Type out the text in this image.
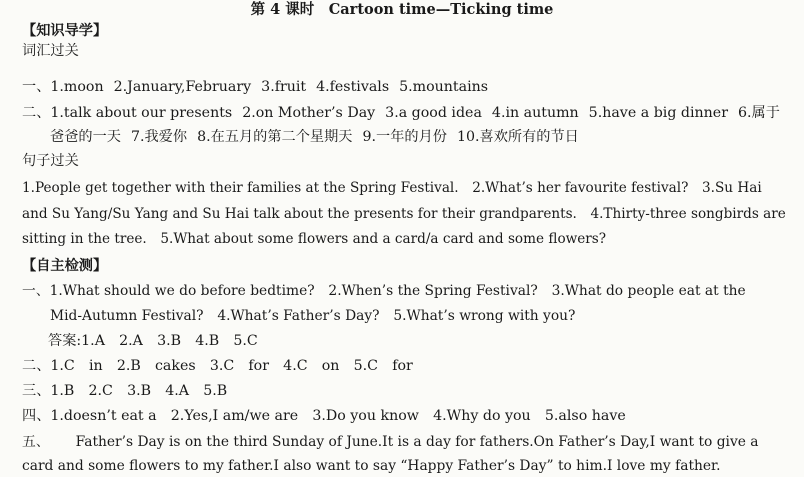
第 4 课时　Cartoon time—Ticking time
【知识导学】
词汇过关
一、1.moon 2.January,February 3.fruit 4.festivals 5.mountains
二、1.talk about our presents 2.on Mother’s Day 3.a good idea 4.in autumn 5.have a big dinner 6.属于
爸爸的一天 7.我爱你 8.在五月的第二个星期天 9.一年的月份 10.喜欢所有的节日
句子过关
1.People get together with their families at the Spring Festival.　2.What’s her favourite festival?　3.Su Hai
and Su Yang/Su Yang and Su Hai talk about the presents for their grandparents.　4.Thirty-three songbirds are
sitting in the tree.　5.What about some flowers and a card/a card and some flowers?
【自主检测】
一、1.What should we do before bedtime?　2.When’s the Spring Festival?　3.What do people eat at the
Mid-Autumn Festival?　4.What’s Father’s Day?　5.What’s wrong with you?
答案:1.A　2.A　3.B　4.B　5.C
二、1.C　in　2.B　cakes　3.C　for　4.C　on　5.C　for
三、1.B　2.C　3.B　4.A　5.B
四、1.doesn’t eat a　2.Yes,I am/we are　3.Do you know　4.Why do you　5.also have
五、 Father’s Day is on the third Sunday of June.It is a day for fathers.On Father’s Day,I want to give a
card and some flowers to my father.I also want to say “Happy Father’s Day” to him.I love my father.
